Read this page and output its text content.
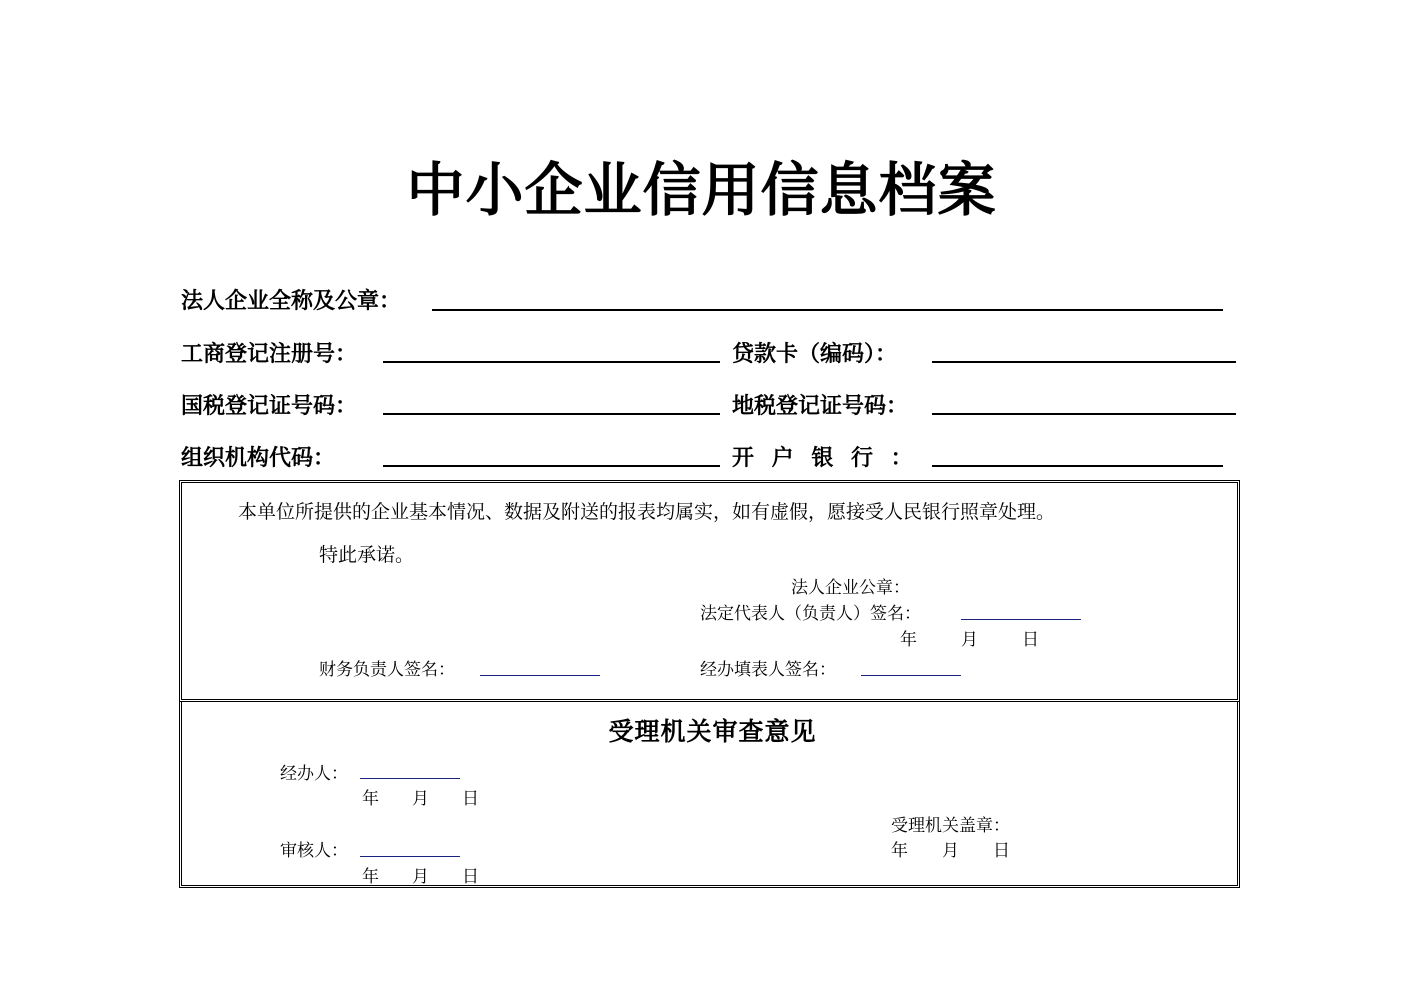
中小企业信用信息档案
法人企业全称及公章：
工商登记注册号：	贷款卡（编码）：
国税登记证号码：	地税登记证号码：
组织机构代码：	开 户 银 行 ：
本单位所提供的企业基本情况、数据及附送的报表均属实，如有虚假，愿接受人民银行照章处理。
特此承诺。
法人企业公章：
法定代表人（负责人）签名：
年	月	日
财务负责人签名：	经办填表人签名：
受理机关审查意见
经办人：
年 月 日
受理机关盖章：
年 月 日
审核人：
年 月 日
